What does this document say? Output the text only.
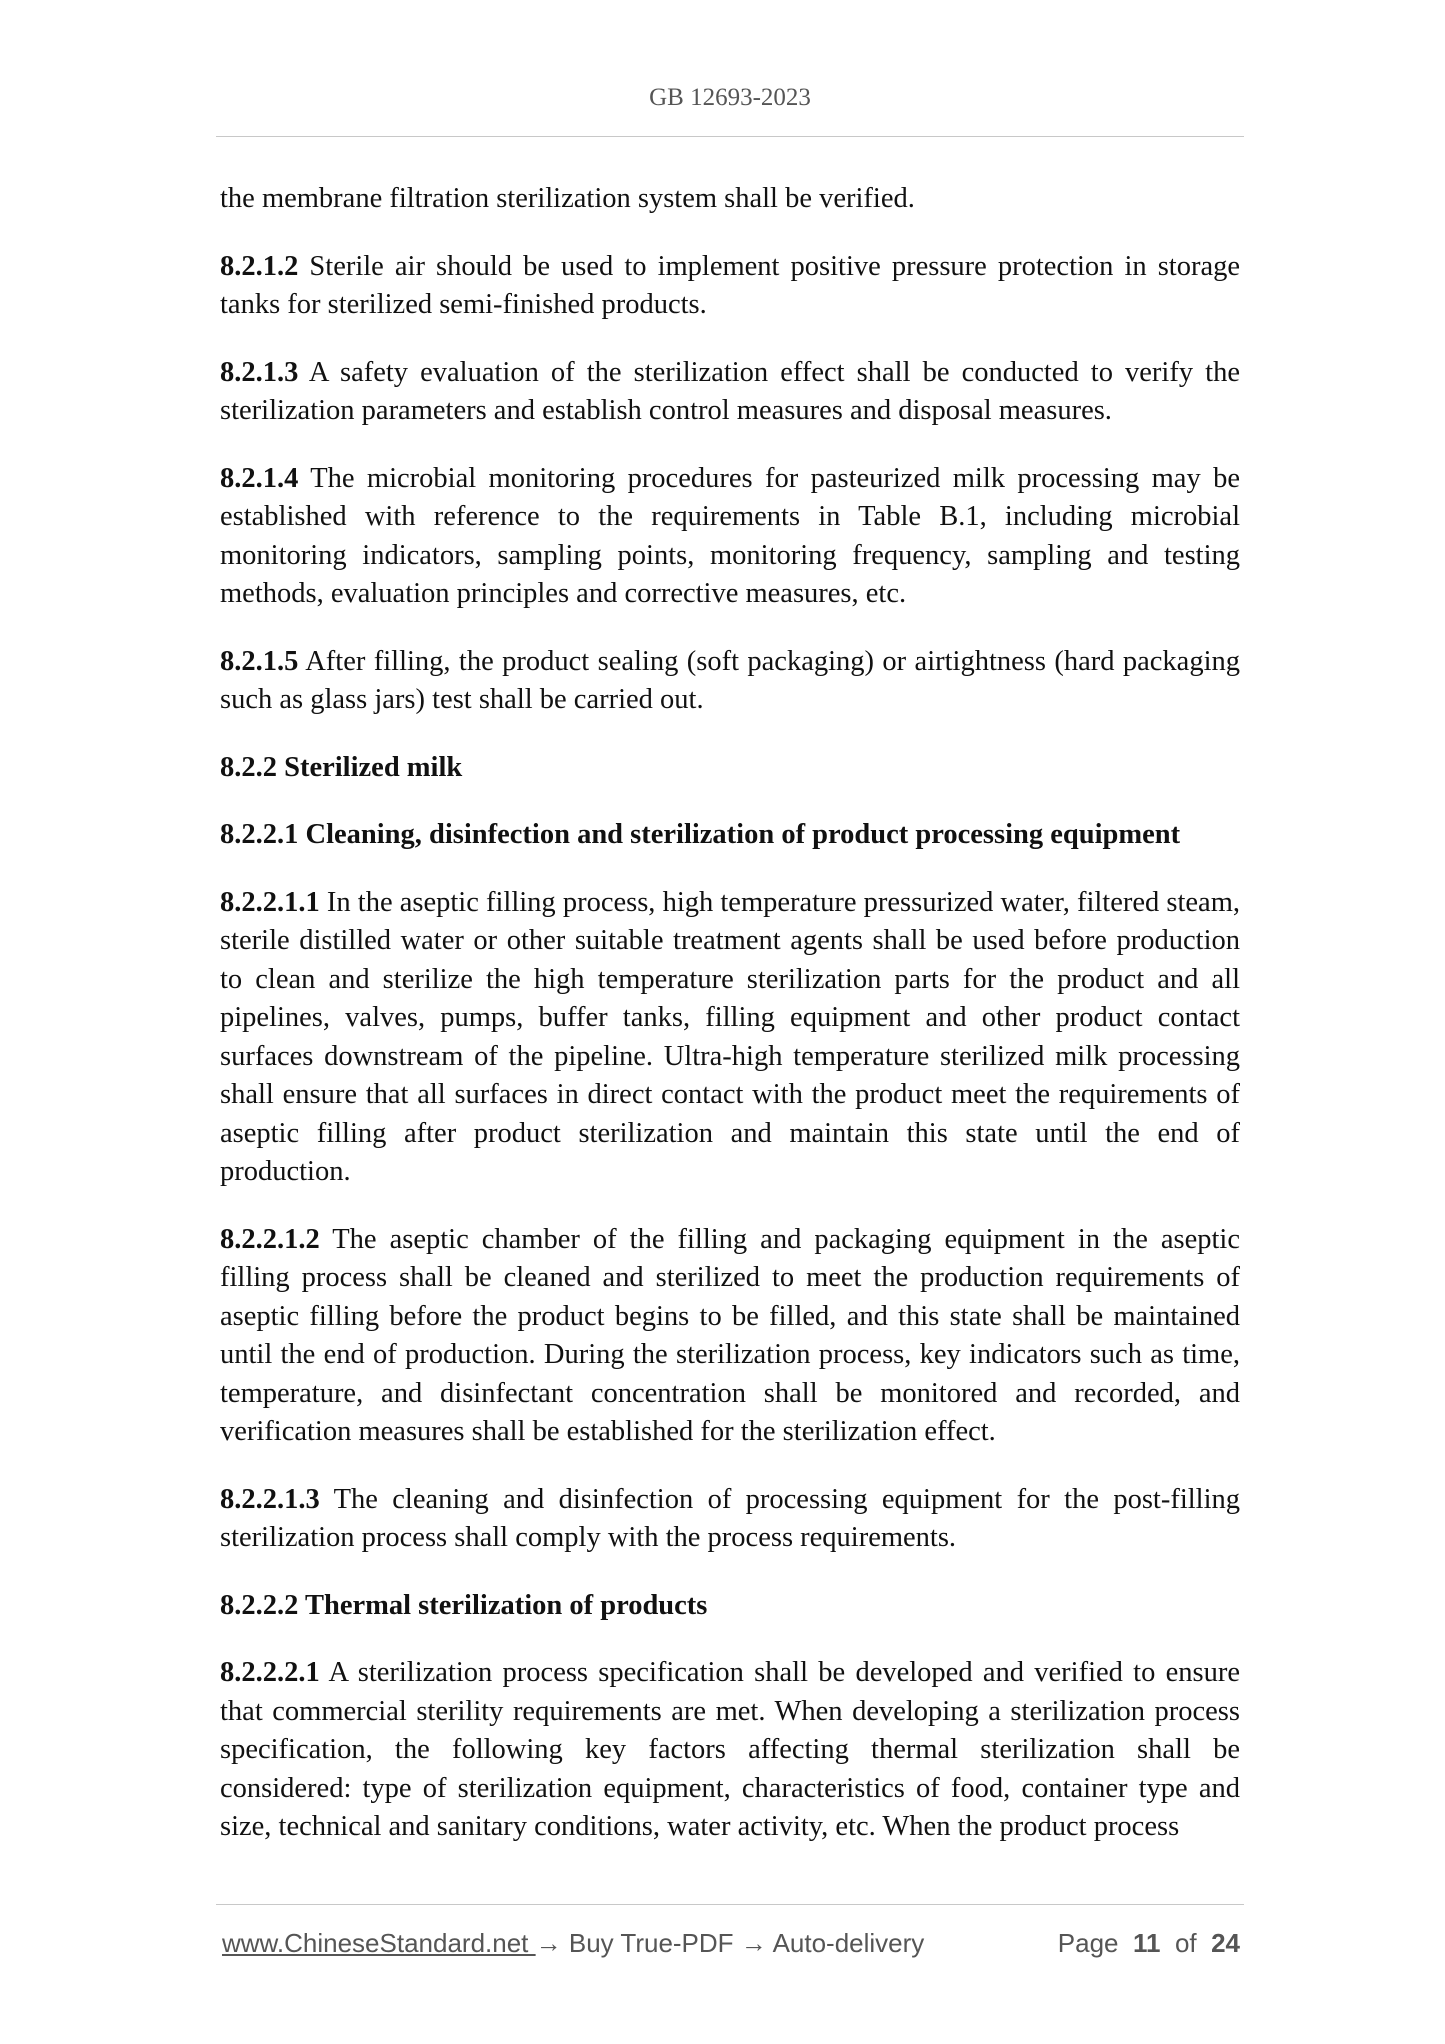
GB 12693-2023

the membrane filtration sterilization system shall be verified.

8.2.1.2 Sterile air should be used to implement positive pressure protection in storage tanks for sterilized semi-finished products.

8.2.1.3 A safety evaluation of the sterilization effect shall be conducted to verify the sterilization parameters and establish control measures and disposal measures.

8.2.1.4 The microbial monitoring procedures for pasteurized milk processing may be established with reference to the requirements in Table B.1, including microbial monitoring indicators, sampling points, monitoring frequency, sampling and testing methods, evaluation principles and corrective measures, etc.

8.2.1.5 After filling, the product sealing (soft packaging) or airtightness (hard packaging such as glass jars) test shall be carried out.

8.2.2 Sterilized milk

8.2.2.1 Cleaning, disinfection and sterilization of product processing equipment

8.2.2.1.1 In the aseptic filling process, high temperature pressurized water, filtered steam, sterile distilled water or other suitable treatment agents shall be used before production to clean and sterilize the high temperature sterilization parts for the product and all pipelines, valves, pumps, buffer tanks, filling equipment and other product contact surfaces downstream of the pipeline. Ultra-high temperature sterilized milk processing shall ensure that all surfaces in direct contact with the product meet the requirements of aseptic filling after product sterilization and maintain this state until the end of production.

8.2.2.1.2 The aseptic chamber of the filling and packaging equipment in the aseptic filling process shall be cleaned and sterilized to meet the production requirements of aseptic filling before the product begins to be filled, and this state shall be maintained until the end of production. During the sterilization process, key indicators such as time, temperature, and disinfectant concentration shall be monitored and recorded, and verification measures shall be established for the sterilization effect.

8.2.2.1.3 The cleaning and disinfection of processing equipment for the post-filling sterilization process shall comply with the process requirements.

8.2.2.2 Thermal sterilization of products

8.2.2.2.1 A sterilization process specification shall be developed and verified to ensure that commercial sterility requirements are met. When developing a sterilization process specification, the following key factors affecting thermal sterilization shall be considered: type of sterilization equipment, characteristics of food, container type and size, technical and sanitary conditions, water activity, etc. When the product process

www.ChineseStandard.net → Buy True-PDF → Auto-delivery	Page 11 of 24
